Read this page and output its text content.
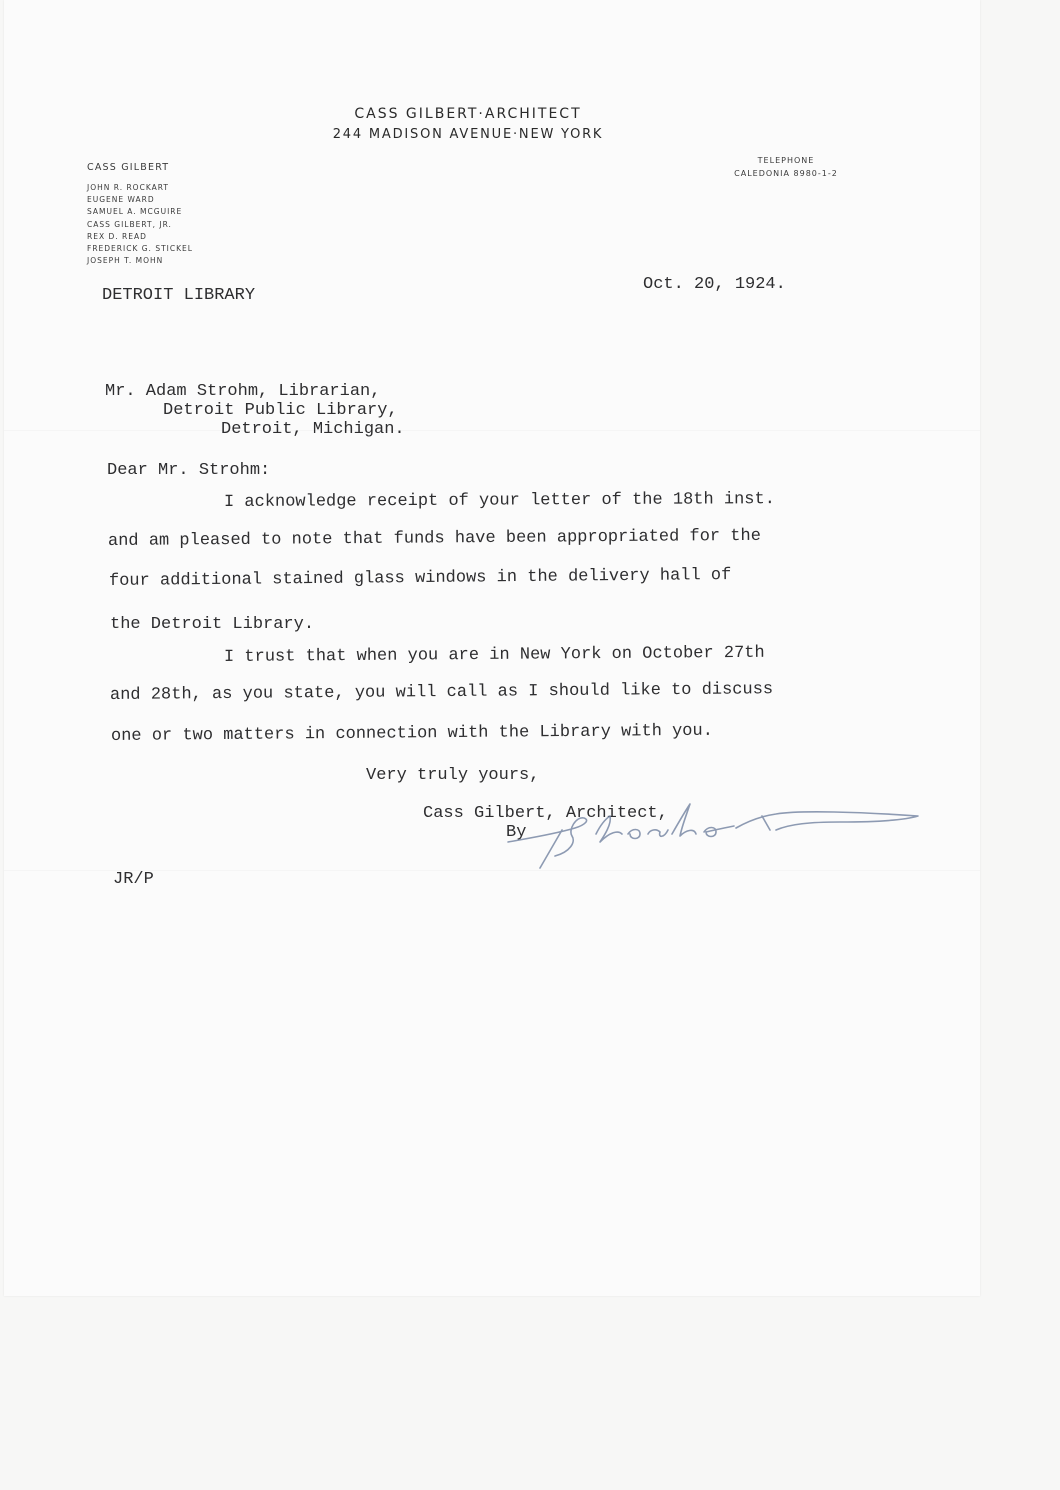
CASS GILBERT·ARCHITECT
244 MADISON AVENUE·NEW YORK
CASS GILBERT
JOHN R. ROCKART
EUGENE WARD
SAMUEL A. MCGUIRE
CASS GILBERT, JR.
REX D. READ
FREDERICK G. STICKEL
JOSEPH T. MOHN
TELEPHONE
CALEDONIA 8980-1-2
DETROIT LIBRARY
Oct. 20, 1924.
Mr. Adam Strohm, Librarian,
Detroit Public Library,
Detroit, Michigan.
Dear Mr. Strohm:
I acknowledge receipt of your letter of the 18th inst.
and am pleased to note that funds have been appropriated for the
four additional stained glass windows in the delivery hall of
the Detroit Library.
I trust that when you are in New York on October 27th
and 28th, as you state, you will call as I should like to discuss
one or two matters in connection with the Library with you.
Very truly yours,
Cass Gilbert, Architect,
By
JR/P
